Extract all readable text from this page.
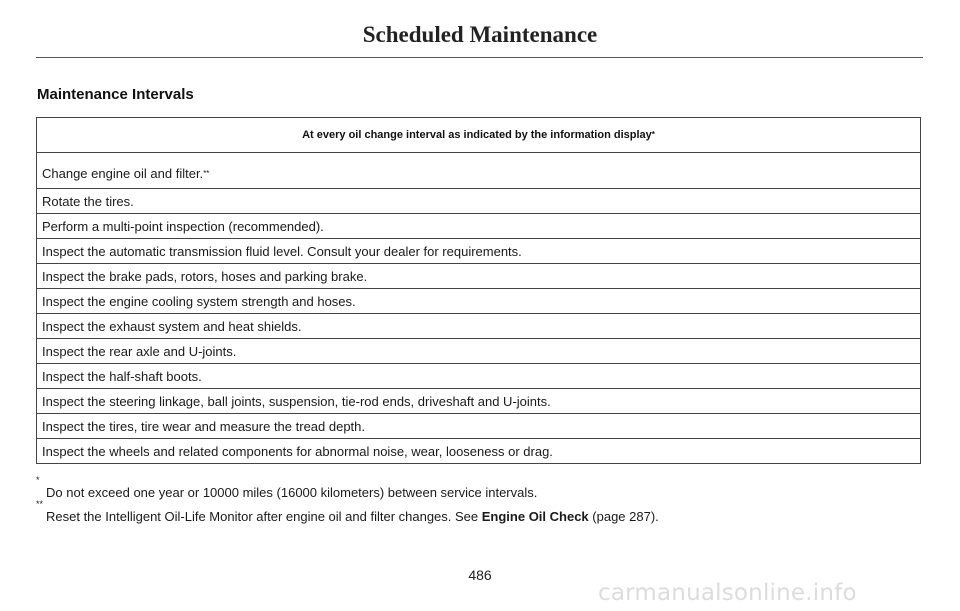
Scheduled Maintenance
Maintenance Intervals
At every oil change interval as indicated by the information display *
Change engine oil and filter. **
Rotate the tires.
Perform a multi-point inspection (recommended).
Inspect the automatic transmission fluid level. Consult your dealer for requirements.
Inspect the brake pads, rotors, hoses and parking brake.
Inspect the engine cooling system strength and hoses.
Inspect the exhaust system and heat shields.
Inspect the rear axle and U-joints.
Inspect the half-shaft boots.
Inspect the steering linkage, ball joints, suspension, tie-rod ends, driveshaft and U-joints.
Inspect the tires, tire wear and measure the tread depth.
Inspect the wheels and related components for abnormal noise, wear, looseness or drag.
*
Do not exceed one year or 10000 miles (16000 kilometers) between service intervals.
**
Reset the Intelligent Oil-Life Monitor after engine oil and filter changes. See Engine Oil Check (page 287).
486
carmanualsonline.info
